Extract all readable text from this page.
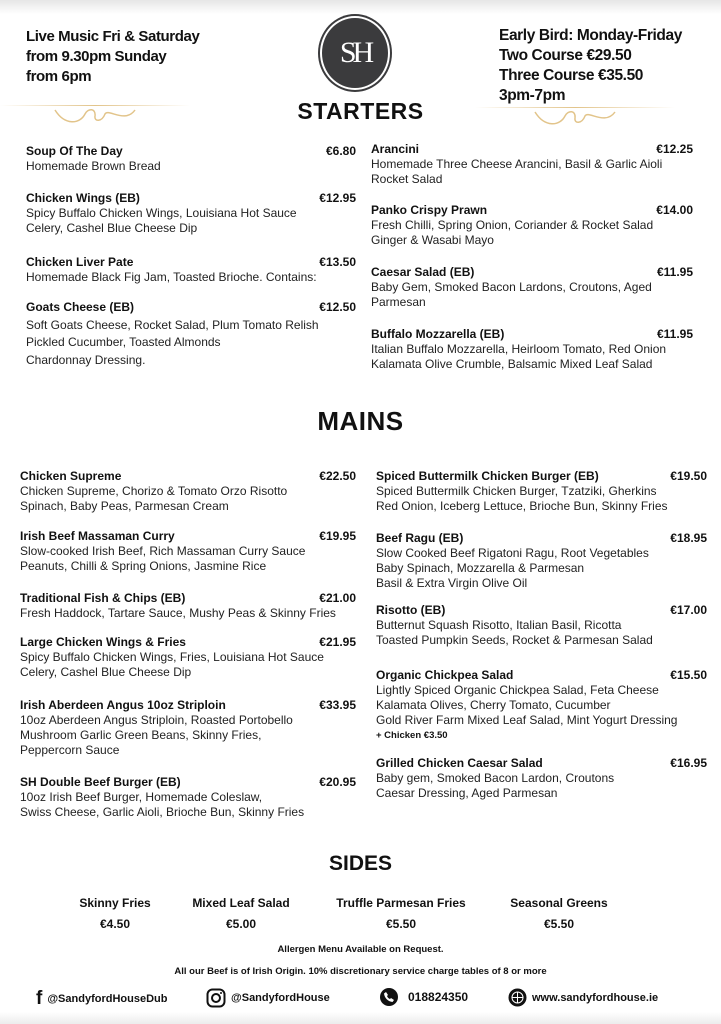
Live Music Fri & Saturday
from 9.30pm Sunday
from 6pm
SH
Early Bird: Monday-Friday
Two Course €29.50
Three Course €35.50
3pm-7pm
STARTERS
Soup Of The Day	€6.80
Homemade Brown Bread
Chicken Wings (EB)	€12.95
Spicy Buffalo Chicken Wings, Louisiana Hot Sauce
Celery, Cashel Blue Cheese Dip
Chicken Liver Pate	€13.50
Homemade Black Fig Jam, Toasted Brioche. Contains:
Goats Cheese (EB)	€12.50
Soft Goats Cheese, Rocket Salad, Plum Tomato Relish
Pickled Cucumber, Toasted Almonds
Chardonnay Dressing.
Arancini	€12.25
Homemade Three Cheese Arancini, Basil & Garlic Aioli
Rocket Salad
Panko Crispy Prawn	€14.00
Fresh Chilli, Spring Onion, Coriander & Rocket Salad
Ginger & Wasabi Mayo
Caesar Salad (EB)	€11.95
Baby Gem, Smoked Bacon Lardons, Croutons, Aged
Parmesan
Buffalo Mozzarella (EB)	€11.95
Italian Buffalo Mozzarella, Heirloom Tomato, Red Onion
Kalamata Olive Crumble, Balsamic Mixed Leaf Salad
MAINS
Chicken Supreme	€22.50
Chicken Supreme, Chorizo & Tomato Orzo Risotto
Spinach, Baby Peas, Parmesan Cream
Irish Beef Massaman Curry	€19.95
Slow-cooked Irish Beef, Rich Massaman Curry Sauce
Peanuts, Chilli & Spring Onions, Jasmine Rice
Traditional Fish & Chips (EB)	€21.00
Fresh Haddock, Tartare Sauce, Mushy Peas & Skinny Fries
Large Chicken Wings & Fries	€21.95
Spicy Buffalo Chicken Wings, Fries, Louisiana Hot Sauce
Celery, Cashel Blue Cheese Dip
Irish Aberdeen Angus 10oz Striploin	€33.95
10oz Aberdeen Angus Striploin, Roasted Portobello
Mushroom Garlic Green Beans, Skinny Fries,
Peppercorn Sauce
SH Double Beef Burger (EB)	€20.95
10oz Irish Beef Burger, Homemade Coleslaw,
Swiss Cheese, Garlic Aioli, Brioche Bun, Skinny Fries
Spiced Buttermilk Chicken Burger (EB)	€19.50
Spiced Buttermilk Chicken Burger, Tzatziki, Gherkins
Red Onion, Iceberg Lettuce, Brioche Bun, Skinny Fries
Beef Ragu (EB)	€18.95
Slow Cooked Beef Rigatoni Ragu, Root Vegetables
Baby Spinach, Mozzarella & Parmesan
Basil & Extra Virgin Olive Oil
Risotto (EB)	€17.00
Butternut Squash Risotto, Italian Basil, Ricotta
Toasted Pumpkin Seeds, Rocket & Parmesan Salad
Organic Chickpea Salad	€15.50
Lightly Spiced Organic Chickpea Salad, Feta Cheese
Kalamata Olives, Cherry Tomato, Cucumber
Gold River Farm Mixed Leaf Salad, Mint Yogurt Dressing
+ Chicken €3.50
Grilled Chicken Caesar Salad	€16.95
Baby gem, Smoked Bacon Lardon, Croutons
Caesar Dressing, Aged Parmesan
SIDES
Skinny Fries
€4.50
Mixed Leaf Salad
€5.00
Truffle Parmesan Fries
€5.50
Seasonal Greens
€5.50
Allergen Menu Available on Request.
All our Beef is of Irish Origin. 10% discretionary service charge tables of 8 or more
f @SandyfordHouseDub	@SandyfordHouse	018824350	www.sandyfordhouse.ie
